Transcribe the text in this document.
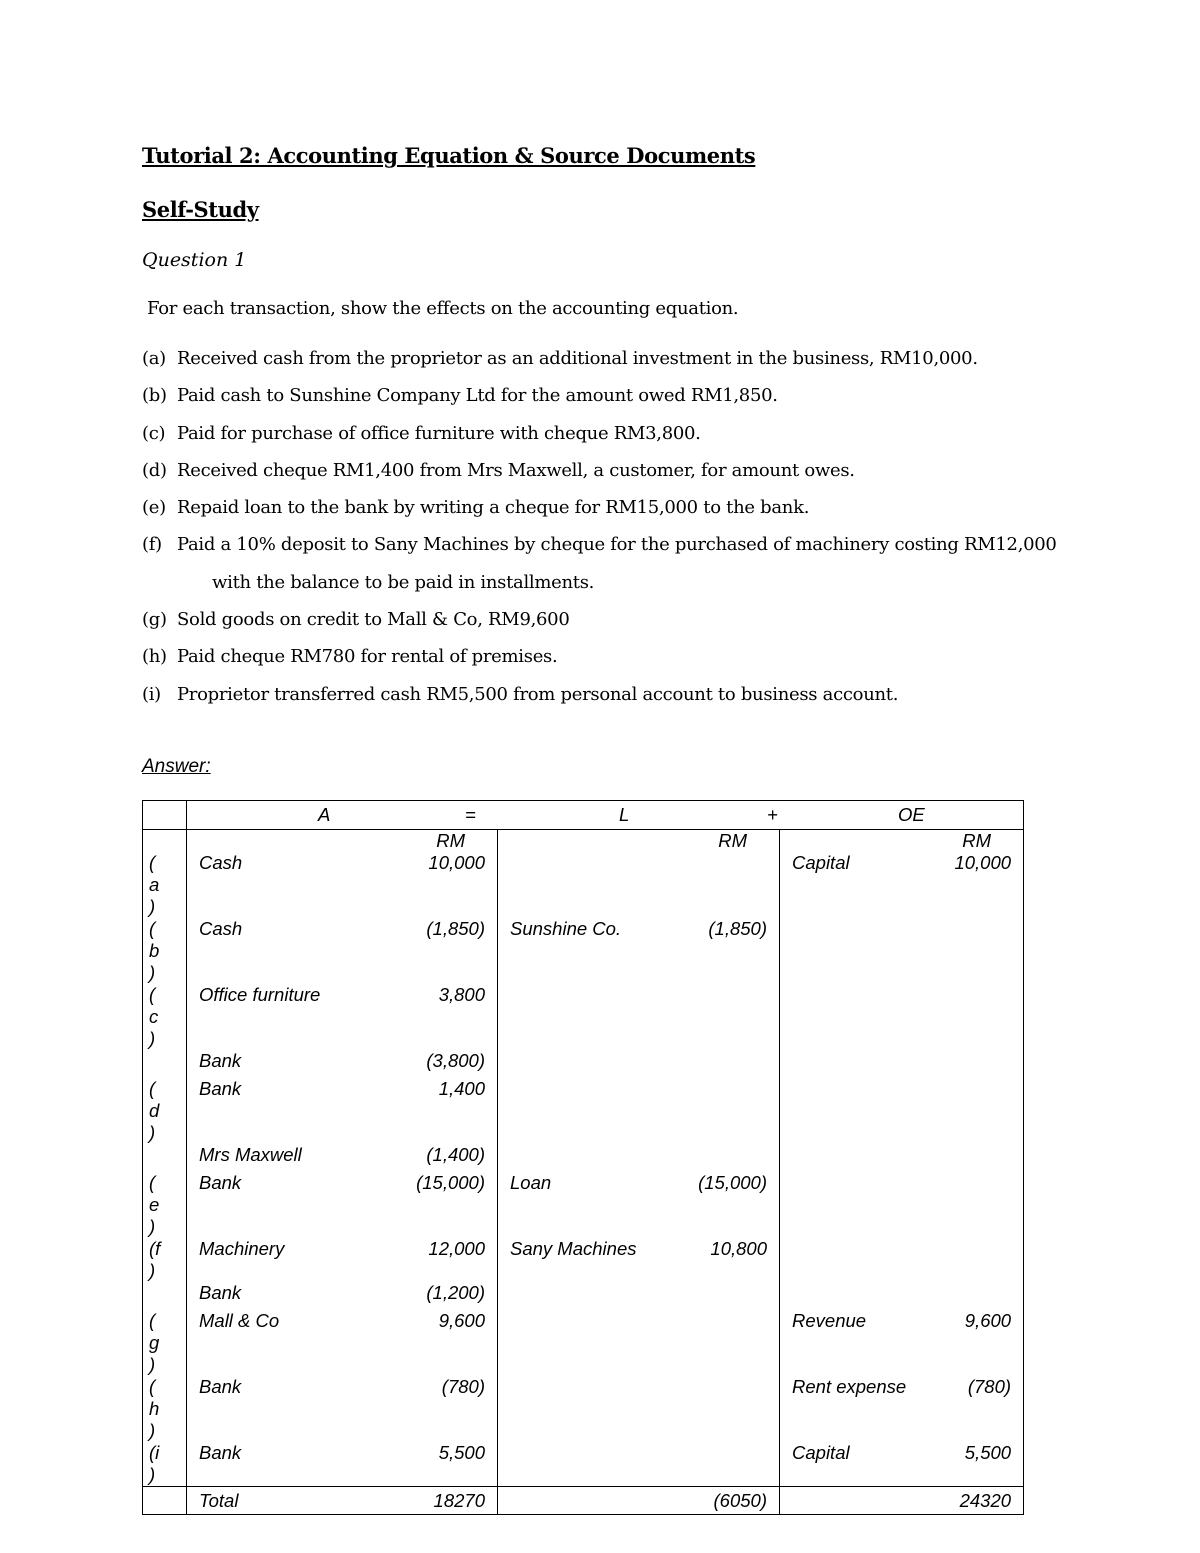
Tutorial 2: Accounting Equation & Source Documents
Self-Study
Question 1
For each transaction, show the effects on the accounting equation.
(a) Received cash from the proprietor as an additional investment in the business, RM10,000.
(b) Paid cash to Sunshine Company Ltd for the amount owed RM1,850.
(c) Paid for purchase of office furniture with cheque RM3,800.
(d) Received cheque RM1,400 from Mrs Maxwell, a customer, for amount owes.
(e) Repaid loan to the bank by writing a cheque for RM15,000 to the bank.
(f) Paid a 10% deposit to Sany Machines by cheque for the purchased of machinery costing RM12,000
with the balance to be paid in installments.
(g) Sold goods on credit to Mall & Co, RM9,600
(h) Paid cheque RM780 for rental of premises.
(i) Proprietor transferred cash RM5,500 from personal account to business account.
Answer:

	A = L + OE					

		RM		RM		RM

(a)	Cash	10,000			Capital	10,000

(b)	Cash	(1,850)	Sunshine Co.	(1,850)		

(c)	Office furniture	3,800				

	Bank	(3,800)				

(d)	Bank	1,400				

	Mrs Maxwell	(1,400)				

(e)	Bank	(15,000)	Loan	(15,000)		

(f)	Machinery	12,000	Sany Machines	10,800		

	Bank	(1,200)				

(g)	Mall & Co	9,600			Revenue	9,600

(h)	Bank	(780)			Rent expense	(780)

(i)	Bank	5,500			Capital	5,500
	Total	18270		(6050)		24320
